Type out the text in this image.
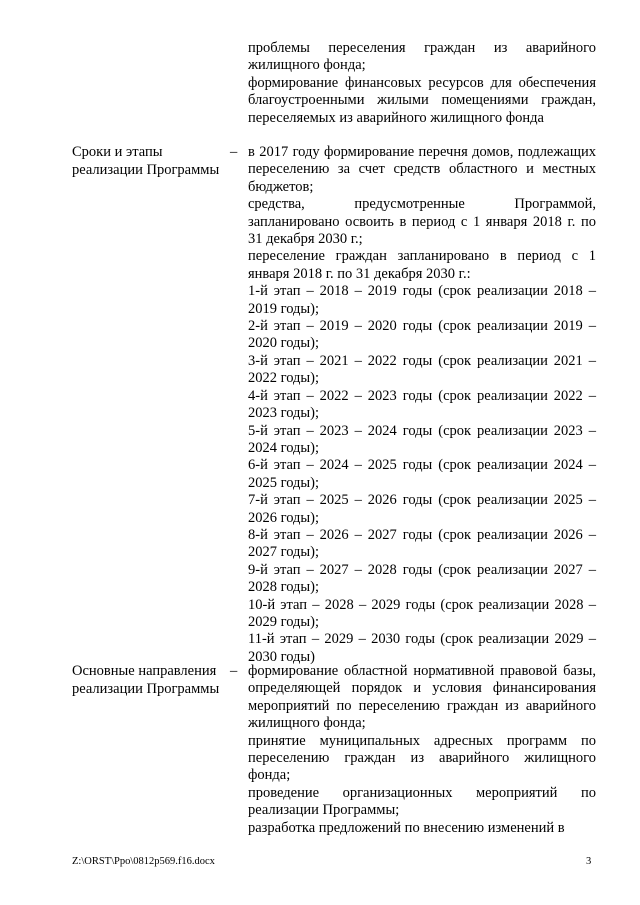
проблемы переселения граждан из аварийного жилищного фонда;

формирование финансовых ресурсов для обеспечения благоустроенными жилыми помещениями граждан, переселяемых из аварийного жилищного фонда

Сроки и этапы реализации Программы
– в 2017 году формирование перечня домов, подлежащих переселению за счет средств областного и местных бюджетов;

средства, предусмотренные Программой, запланировано освоить в период с 1 января 2018 г. по 31 декабря 2030 г.;

переселение граждан запланировано в период с 1 января 2018 г. по 31 декабря 2030 г.:

1-й этап – 2018 – 2019 годы (срок реализации 2018 – 2019 годы);

2-й этап – 2019 – 2020 годы (срок реализации 2019 – 2020 годы);

3-й этап – 2021 – 2022 годы (срок реализации 2021 – 2022 годы);

4-й этап – 2022 – 2023 годы (срок реализации 2022 – 2023 годы);

5-й этап – 2023 – 2024 годы (срок реализации 2023 – 2024 годы);

6-й этап – 2024 – 2025 годы (срок реализации 2024 – 2025 годы);

7-й этап – 2025 – 2026 годы (срок реализации 2025 – 2026 годы);

8-й этап – 2026 – 2027 годы (срок реализации 2026 – 2027 годы);

9-й этап – 2027 – 2028 годы (срок реализации 2027 – 2028 годы);

10-й этап – 2028 – 2029 годы (срок реализации 2028 – 2029 годы);

11-й этап – 2029 – 2030 годы (срок реализации 2029 – 2030 годы)

Основные направления реализации Программы
– формирование областной нормативной правовой базы, определяющей порядок и условия финансирования мероприятий по переселению граждан из аварийного жилищного фонда;

принятие муниципальных адресных программ по переселению граждан из аварийного жилищного фонда;

проведение организационных мероприятий по реализации Программы;

разработка предложений по внесению изменений в

Z:\ORST\Ppo\0812p569.f16.docx	3
